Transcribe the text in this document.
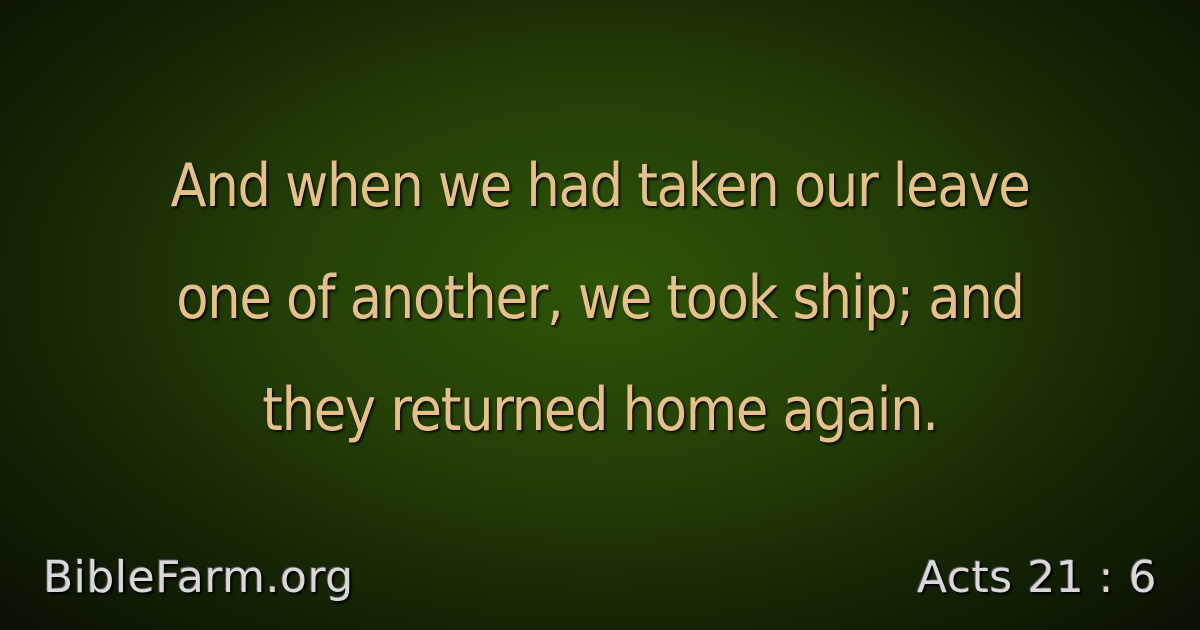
And when we had taken our leave
one of another, we took ship; and
they returned home again.

BibleFarm.org	Acts 21 : 6
